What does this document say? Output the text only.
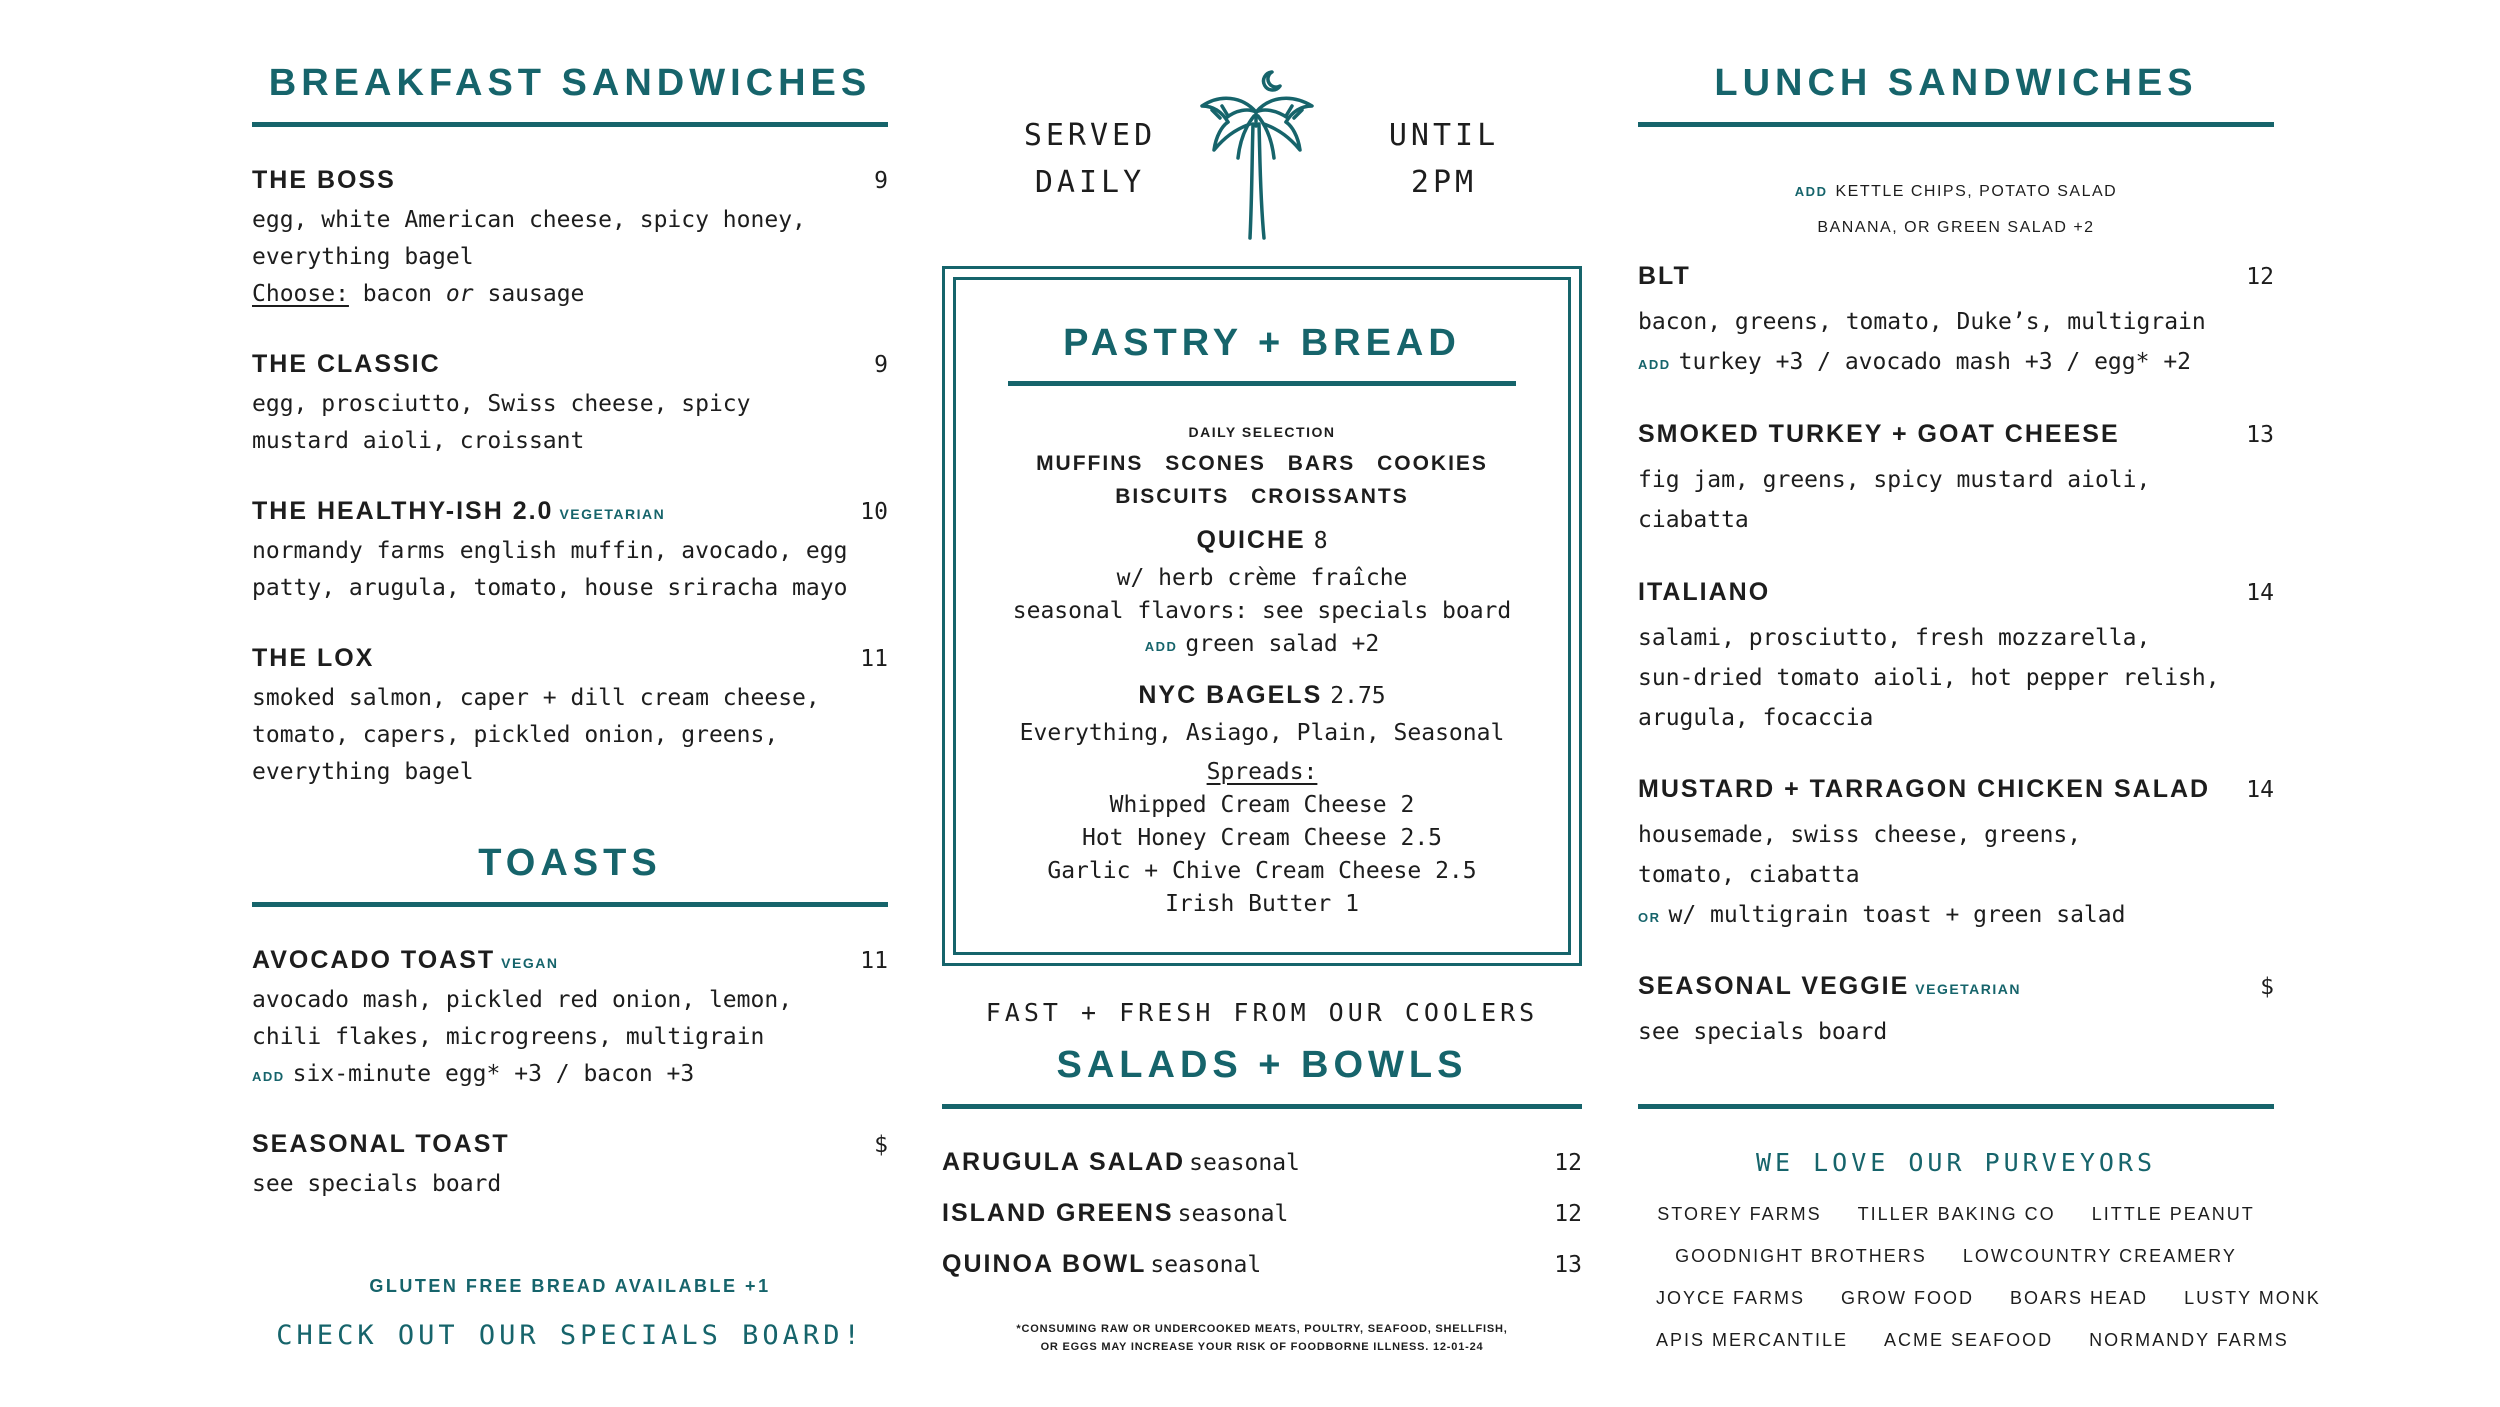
BREAKFAST SANDWICHES
THE BOSS	9
egg, white American cheese, spicy honey,
everything bagel
Choose: bacon or sausage
THE CLASSIC	9
egg, prosciutto, Swiss cheese, spicy
mustard aioli, croissant
THE HEALTHY-ISH 2.0 VEGETARIAN	10
normandy farms english muffin, avocado, egg
patty, arugula, tomato, house sriracha mayo
THE LOX	11
smoked salmon, caper + dill cream cheese,
tomato, capers, pickled onion, greens,
everything bagel
TOASTS
AVOCADO TOAST VEGAN	11
avocado mash, pickled red onion, lemon,
chili flakes, microgreens, multigrain
ADD six-minute egg* +3 / bacon +3
SEASONAL TOAST	$
see specials board
GLUTEN FREE BREAD AVAILABLE +1
CHECK OUT OUR SPECIALS BOARD!
SERVED
DAILY
UNTIL
2PM
PASTRY + BREAD
DAILY SELECTION
MUFFINS SCONES BARS COOKIES
BISCUITS CROISSANTS
QUICHE 8
w/ herb crème fraîche
seasonal flavors: see specials board
ADD green salad +2
NYC BAGELS 2.75
Everything, Asiago, Plain, Seasonal
Spreads:
Whipped Cream Cheese 2
Hot Honey Cream Cheese 2.5
Garlic + Chive Cream Cheese 2.5
Irish Butter 1
FAST + FRESH FROM OUR COOLERS
SALADS + BOWLS
ARUGULA SALAD seasonal	12
ISLAND GREENS seasonal	12
QUINOA BOWL seasonal	13
*CONSUMING RAW OR UNDERCOOKED MEATS, POULTRY, SEAFOOD, SHELLFISH,
OR EGGS MAY INCREASE YOUR RISK OF FOODBORNE ILLNESS. 12-01-24
LUNCH SANDWICHES
ADD KETTLE CHIPS, POTATO SALAD
BANANA, OR GREEN SALAD +2
BLT	12
bacon, greens, tomato, Duke’s, multigrain
ADD turkey +3 / avocado mash +3 / egg* +2
SMOKED TURKEY + GOAT CHEESE	13
fig jam, greens, spicy mustard aioli,
ciabatta
ITALIANO	14
salami, prosciutto, fresh mozzarella,
sun-dried tomato aioli, hot pepper relish,
arugula, focaccia
MUSTARD + TARRAGON CHICKEN SALAD 14
housemade, swiss cheese, greens,
tomato, ciabatta
OR w/ multigrain toast + green salad
SEASONAL VEGGIE VEGETARIAN	$
see specials board
WE LOVE OUR PURVEYORS
STOREY FARMS TILLER BAKING CO LITTLE PEANUT
GOODNIGHT BROTHERS LOWCOUNTRY CREAMERY
JOYCE FARMS GROW FOOD BOARS HEAD LUSTY MONK
APIS MERCANTILE ACME SEAFOOD NORMANDY FARMS
